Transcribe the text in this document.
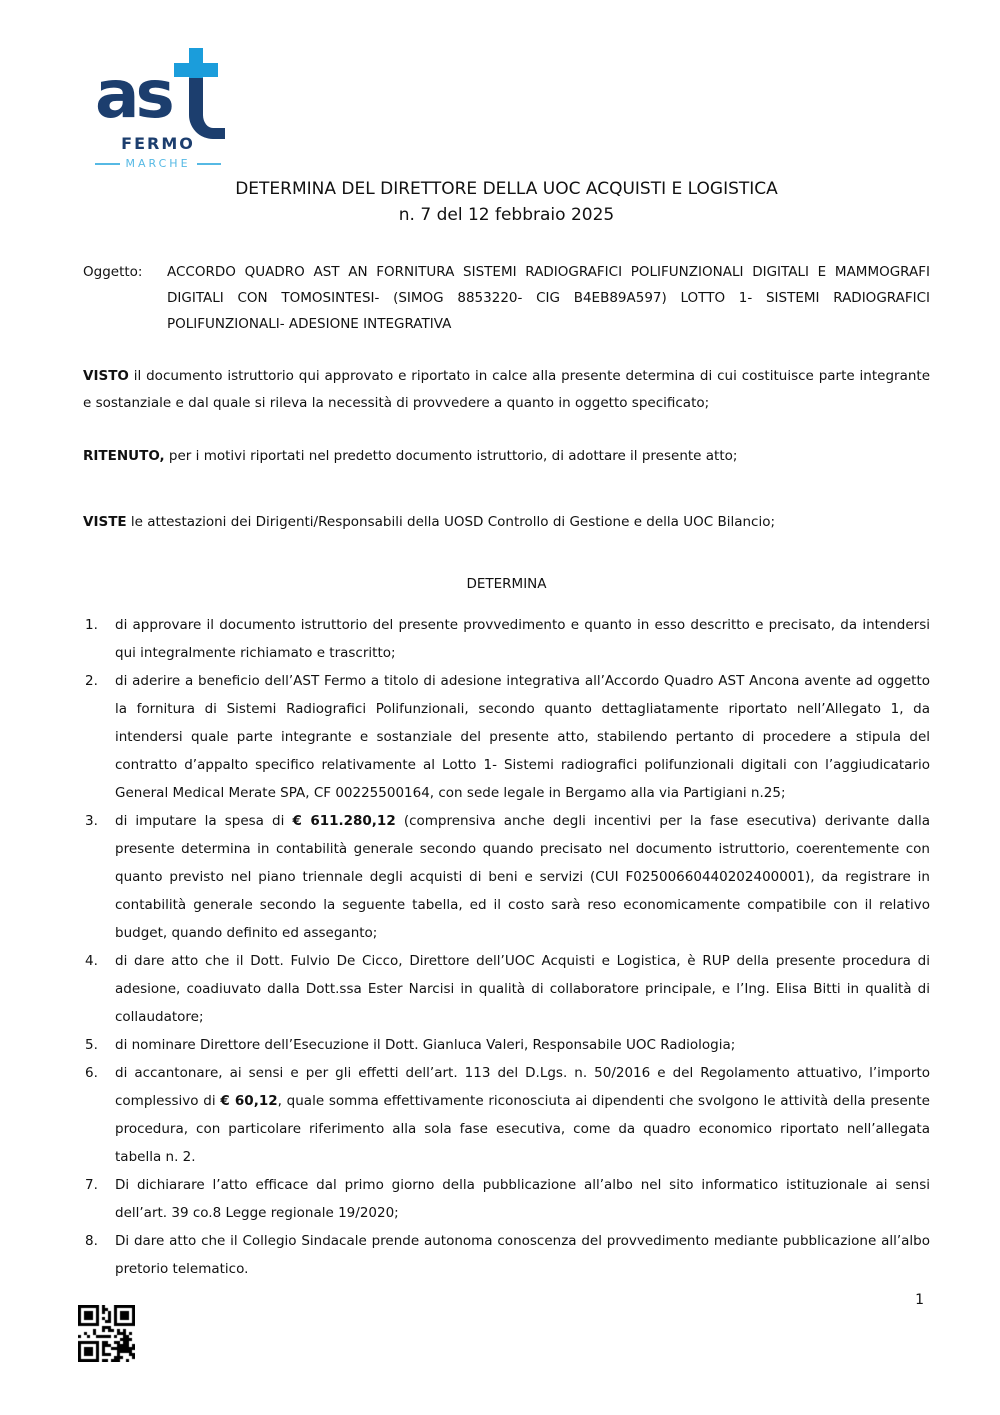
as
FERMO
MARCHE
DETERMINA DEL DIRETTORE DELLA UOC ACQUISTI E LOGISTICA
n. 7 del 12 febbraio 2025
Oggetto:	ACCORDO QUADRO AST AN FORNITURA SISTEMI RADIOGRAFICI POLIFUNZIONALI DIGITALI E MAMMOGRAFI DIGITALI CON TOMOSINTESI- (SIMOG 8853220- CIG B4EB89A597) LOTTO 1- SISTEMI RADIOGRAFICI POLIFUNZIONALI- ADESIONE INTEGRATIVA

VISTO il documento istruttorio qui approvato e riportato in calce alla presente determina di cui costituisce parte integrante e sostanziale e dal quale si rileva la necessità di provvedere a quanto in oggetto specificato;

RITENUTO, per i motivi riportati nel predetto documento istruttorio, di adottare il presente atto;

VISTE le attestazioni dei Dirigenti/Responsabili della UOSD Controllo di Gestione e della UOC Bilancio;

DETERMINA
1.	di approvare il documento istruttorio del presente provvedimento e quanto in esso descritto e precisato, da intendersi qui integralmente richiamato e trascritto;
2.	di aderire a beneficio dell’AST Fermo a titolo di adesione integrativa all’Accordo Quadro AST Ancona avente ad oggetto la fornitura di Sistemi Radiografici Polifunzionali, secondo quanto dettagliatamente riportato nell’Allegato 1, da intendersi quale parte integrante e sostanziale del presente atto, stabilendo pertanto di procedere a stipula del contratto d’appalto specifico relativamente al Lotto 1- Sistemi radiografici polifunzionali digitali con l’aggiudicatario General Medical Merate SPA, CF 00225500164, con sede legale in Bergamo alla via Partigiani n.25;
3.	di imputare la spesa di € 611.280,12 (comprensiva anche degli incentivi per la fase esecutiva) derivante dalla presente determina in contabilità generale secondo quando precisato nel documento istruttorio, coerentemente con quanto previsto nel piano triennale degli acquisti di beni e servizi (CUI F02500660440202400001), da registrare in contabilità generale secondo la seguente tabella, ed il costo sarà reso economicamente compatibile con il relativo budget, quando definito ed asseganto;
4.	di dare atto che il Dott. Fulvio De Cicco, Direttore dell’UOC Acquisti e Logistica, è RUP della presente procedura di adesione, coadiuvato dalla Dott.ssa Ester Narcisi in qualità di collaboratore principale, e l’Ing. Elisa Bitti in qualità di collaudatore;
5.	di nominare Direttore dell’Esecuzione il Dott. Gianluca Valeri, Responsabile UOC Radiologia;
6.	di accantonare, ai sensi e per gli effetti dell’art. 113 del D.Lgs. n. 50/2016 e del Regolamento attuativo, l’importo complessivo di € 60,12, quale somma effettivamente riconosciuta ai dipendenti che svolgono le attività della presente procedura, con particolare riferimento alla sola fase esecutiva, come da quadro economico riportato nell’allegata tabella n. 2.
7.	Di dichiarare l’atto efficace dal primo giorno della pubblicazione all’albo nel sito informatico istituzionale ai sensi dell’art. 39 co.8 Legge regionale 19/2020;
8.	Di dare atto che il Collegio Sindacale prende autonoma conoscenza del provvedimento mediante pubblicazione all’albo pretorio telematico.
1
